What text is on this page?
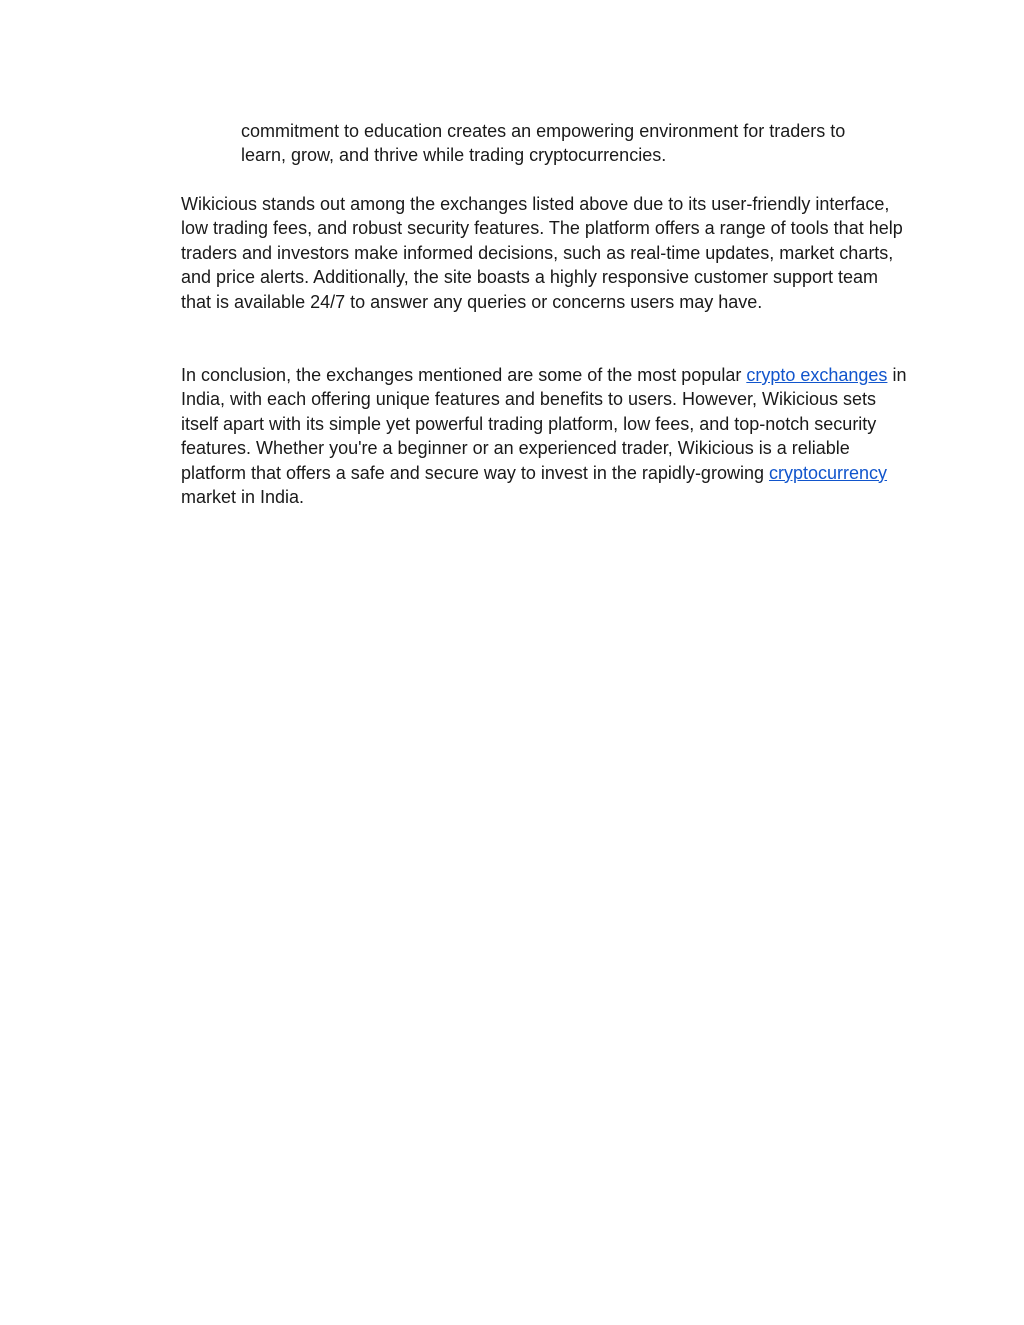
commitment to education creates an empowering environment for traders to
learn, grow, and thrive while trading cryptocurrencies.

Wikicious stands out among the exchanges listed above due to its user-friendly interface, low trading fees, and robust security features. The platform offers a range of tools that help traders and investors make informed decisions, such as real-time updates, market charts, and price alerts. Additionally, the site boasts a highly responsive customer support team that is available 24/7 to answer any queries or concerns users may have.

In conclusion, the exchanges mentioned are some of the most popular crypto exchanges in India, with each offering unique features and benefits to users. However, Wikicious sets itself apart with its simple yet powerful trading platform, low fees, and top-notch security features. Whether you're a beginner or an experienced trader, Wikicious is a reliable platform that offers a safe and secure way to invest in the rapidly-growing cryptocurrency market in India.
